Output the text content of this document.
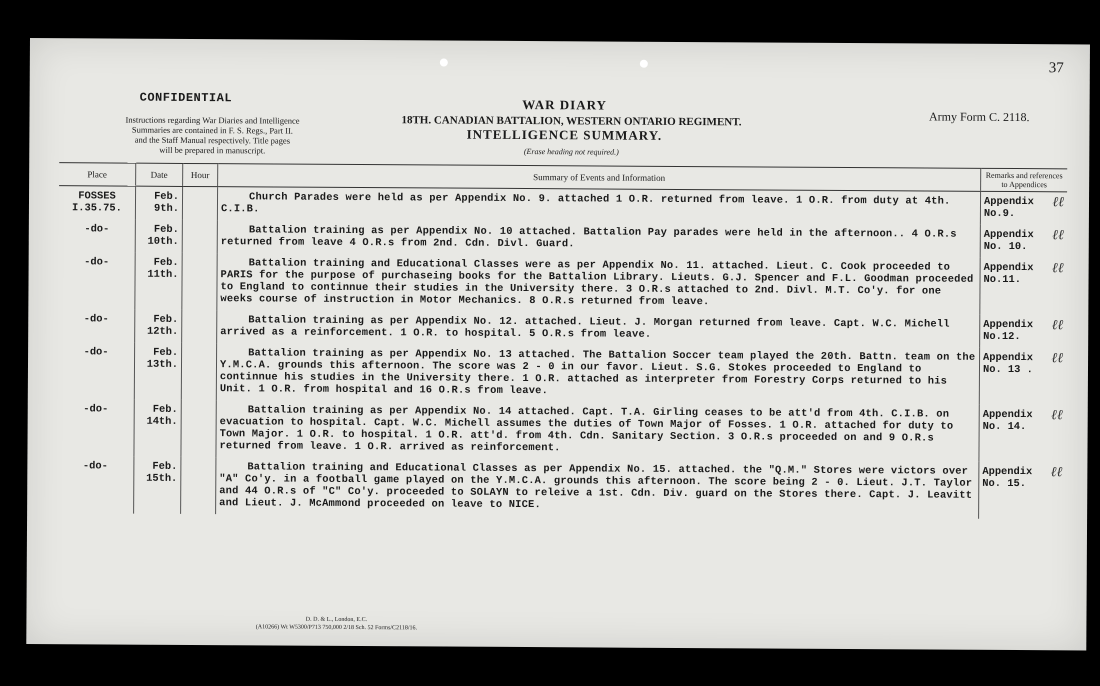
37
CONFIDENTIAL
Instructions regarding War Diaries and Intelligence
Summaries are contained in F. S. Regs., Part II.
and the Staff Manual respectively. Title pages
will be prepared in manuscript.
WAR DIARY
18TH. CANADIAN BATTALION, WESTERN ONTARIO REGIMENT.
INTELLIGENCE SUMMARY.
(Erase heading not required.)
Army Form C. 2118.
Place	Date	Hour	Summary of Events and Information	Remarks and references to Appendices
FOSSES I.35.75.	Feb. 9th.		Church Parades were held as per Appendix No. 9. attached 1 O.R. returned from leave. 1 O.R. from duty at 4th. C.I.B.	Appendix No.9.
ℓℓ

-do-	Feb. 10th.		Battalion training as per Appendix No. 10 attached. Battalion Pay parades were held in the afternoon.. 4 O.R.s returned from leave 4 O.R.s from 2nd. Cdn. Divl. Guard.	Appendix No. 10.
ℓℓ

-do-	Feb. 11th.		Battalion training and Educational Classes were as per Appendix No. 11. attached. Lieut. C. Cook proceeded to PARIS for the purpose of purchaseing books for the Battalion Library. Lieuts. G.J. Spencer and F.L. Goodman proceeded to England to continnue their studies in the University there. 3 O.R.s attached to 2nd. Divl. M.T. Co'y. for one weeks course of instruction in Motor Mechanics. 8 O.R.s returned from leave.	Appendix No.11.
ℓℓ

-do-	Feb. 12th.		Battalion training as per Appendix No. 12. attached. Lieut. J. Morgan returned from leave. Capt. W.C. Michell arrived as a reinforcement. 1 O.R. to hospital. 5 O.R.s from leave.	Appendix No.12.
ℓℓ

-do-	Feb. 13th.		Battalion training as per Appendix No. 13 attached. The Battalion Soccer team played the 20th. Battn. team on the Y.M.C.A. grounds this afternoon. The score was 2 - 0 in our favor. Lieut. S.G. Stokes proceeded to England to continnue his studies in the University there. 1 O.R. attached as interpreter from Forestry Corps returned to his Unit. 1 O.R. from hospital and 16 O.R.s from leave.	Appendix No. 13 .
ℓℓ

-do-	Feb. 14th.		Battalion training as per Appendix No. 14 attached. Capt. T.A. Girling ceases to be att'd from 4th. C.I.B. on evacuation to hospital. Capt. W.C. Michell assumes the duties of Town Major of Fosses. 1 O.R. attached for duty to Town Major. 1 O.R. to hospital. 1 O.R. att'd. from 4th. Cdn. Sanitary Section. 3 O.R.s proceeded on and 9 O.R.s returned from leave. 1 O.R. arrived as reinforcement.	Appendix No. 14.
ℓℓ

-do-	Feb. 15th.		Battalion training and Educational Classes as per Appendix No. 15. attached. the "Q.M." Stores were victors over "A" Co'y. in a football game played on the Y.M.C.A. grounds this afternoon. The score being 2 - 0. Lieut. J.T. Taylor and 44 O.R.s of "C" Co'y. proceeded to SOLAYN to releive a 1st. Cdn. Div. guard on the Stores there. Capt. J. Leavitt and Lieut. J. McAmmond proceeded on leave to NICE.	Appendix No. 15.
ℓℓ
D. D. & L., London, E.C.
(A10266) Wt W5300/P713 750,000 2/18 Sch. 52 Forms/C2118/16.
